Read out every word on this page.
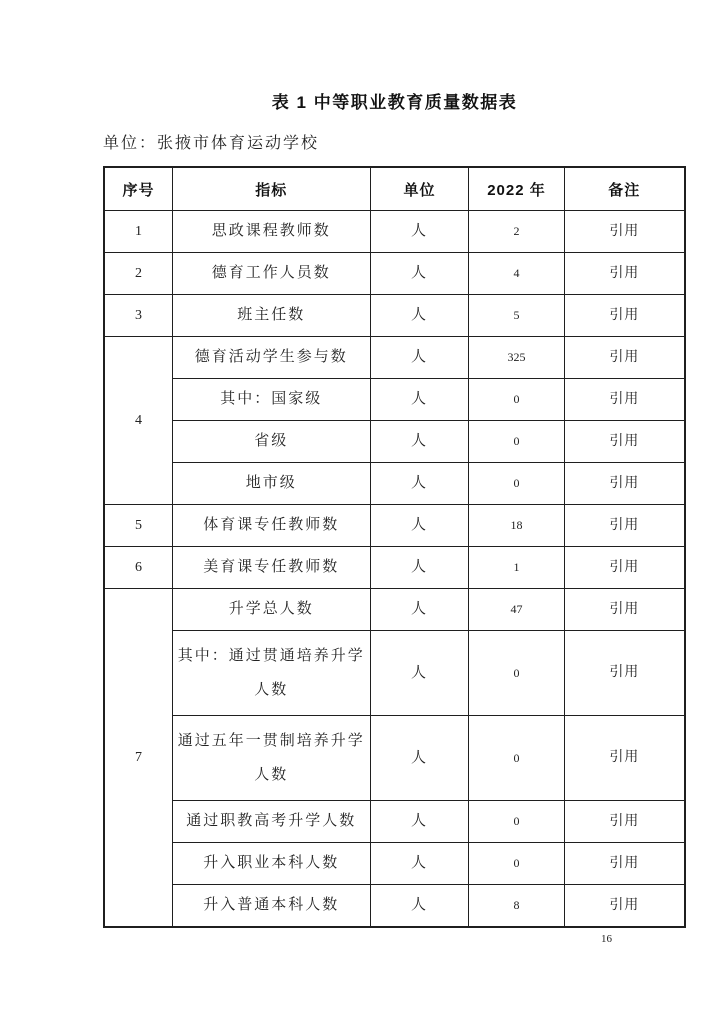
表 1 中等职业教育质量数据表
单位：张掖市体育运动学校
序号	指标	单位	2022 年	备注
1	思政课程教师数	人	2	引用
2	德育工作人员数	人	4	引用
3	班主任数	人	5	引用
4	德育活动学生参与数	人	325	引用
	其中：国家级	人	0	引用
	省级	人	0	引用
	地市级	人	0	引用
5	体育课专任教师数	人	18	引用
6	美育课专任教师数	人	1	引用
7	升学总人数	人	47	引用
	其中：通过贯通培养升学人数	人	0	引用
	通过五年一贯制培养升学人数	人	0	引用
	通过职教高考升学人数	人	0	引用
	升入职业本科人数	人	0	引用
	升入普通本科人数	人	8	引用
16
